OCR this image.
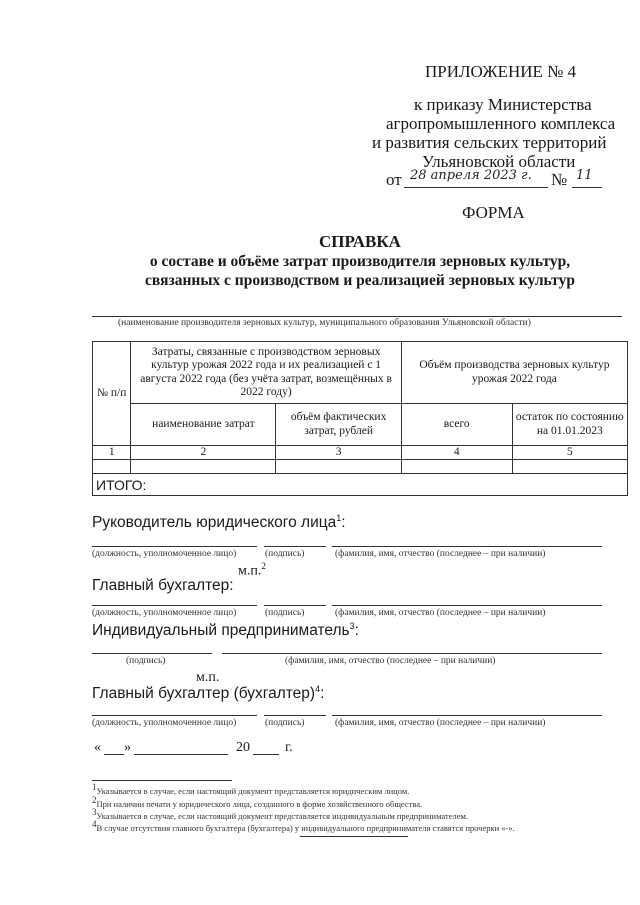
ПРИЛОЖЕНИЕ № 4
к приказу Министерства
агропромышленного комплекса
и развития сельских территорий
Ульяновской области
от 28 апреля 2023 г. № 11
ФОРМА
СПРАВКА
о составе и объёме затрат производителя зерновых культур,
связанных с производством и реализацией зерновых культур
(наименование производителя зерновых культур, муниципального образования Ульяновской области)
№ п/п	Затраты, связанные с производством зерновых культур урожая 2022 года и их реализацией с 1 августа 2022 года (без учёта затрат, возмещённых в 2022 году)		Объём производства зерновых культур урожая 2022 года	
	наименование затрат	объём фактических затрат, рублей	всего	остаток по состоянию на 01.01.2023
1	2	3	4	5

ИТОГО:				
Руководитель юридического лица$^1$:
(должность, уполномоченное лицо)	(подпись)	(фамилия, имя, отчество (последнее – при наличии)
м.п.$^2$
Главный бухгалтер:
(должность, уполномоченное лицо)	(подпись)	(фамилия, имя, отчество (последнее – при наличии)
Индивидуальный предприниматель$^3$:
(подпись)	(фамилия, имя, отчество (последнее – при наличии)
м.п.
Главный бухгалтер (бухгалтер)$^4$:
(должность, уполномоченное лицо)	(подпись)	(фамилия, имя, отчество (последнее – при наличии)
« »	20	г.
$^1$Указывается в случае, если настоящий документ представляется юридическим лицом.
$^2$При наличии печати у юридического лица, созданного в форме хозяйственного общества.
$^3$Указывается в случае, если настоящий документ представляется индивидуальным предпринимателем.
$^4$В случае отсутствия главного бухгалтера (бухгалтера) у индивидуального предпринимателя ставятся прочерки «-».
